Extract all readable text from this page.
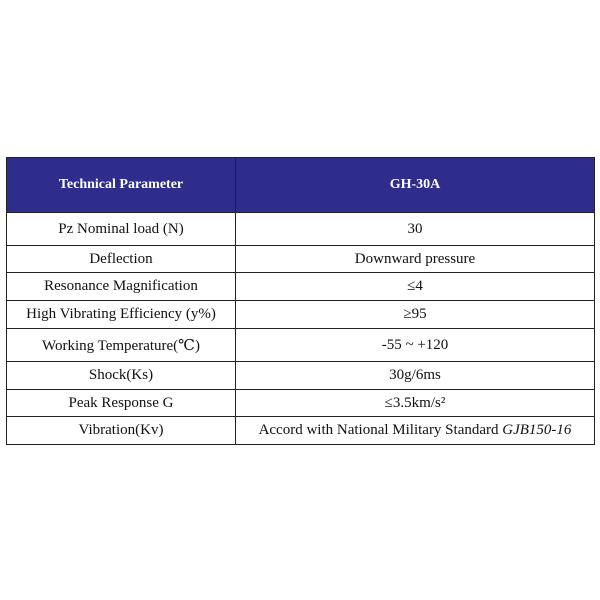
Technical Parameter	GH-30A
Pz Nominal load (N)	30
Deflection	Downward pressure
Resonance Magnification	≤4
High Vibrating Efficiency (y%)	≥95
Working Temperature(℃)	-55 ~ +120
Shock(Ks)	30g/6ms
Peak Response G	≤3.5km/s²
Vibration(Kv)	Accord with National Military Standard GJB150-16
